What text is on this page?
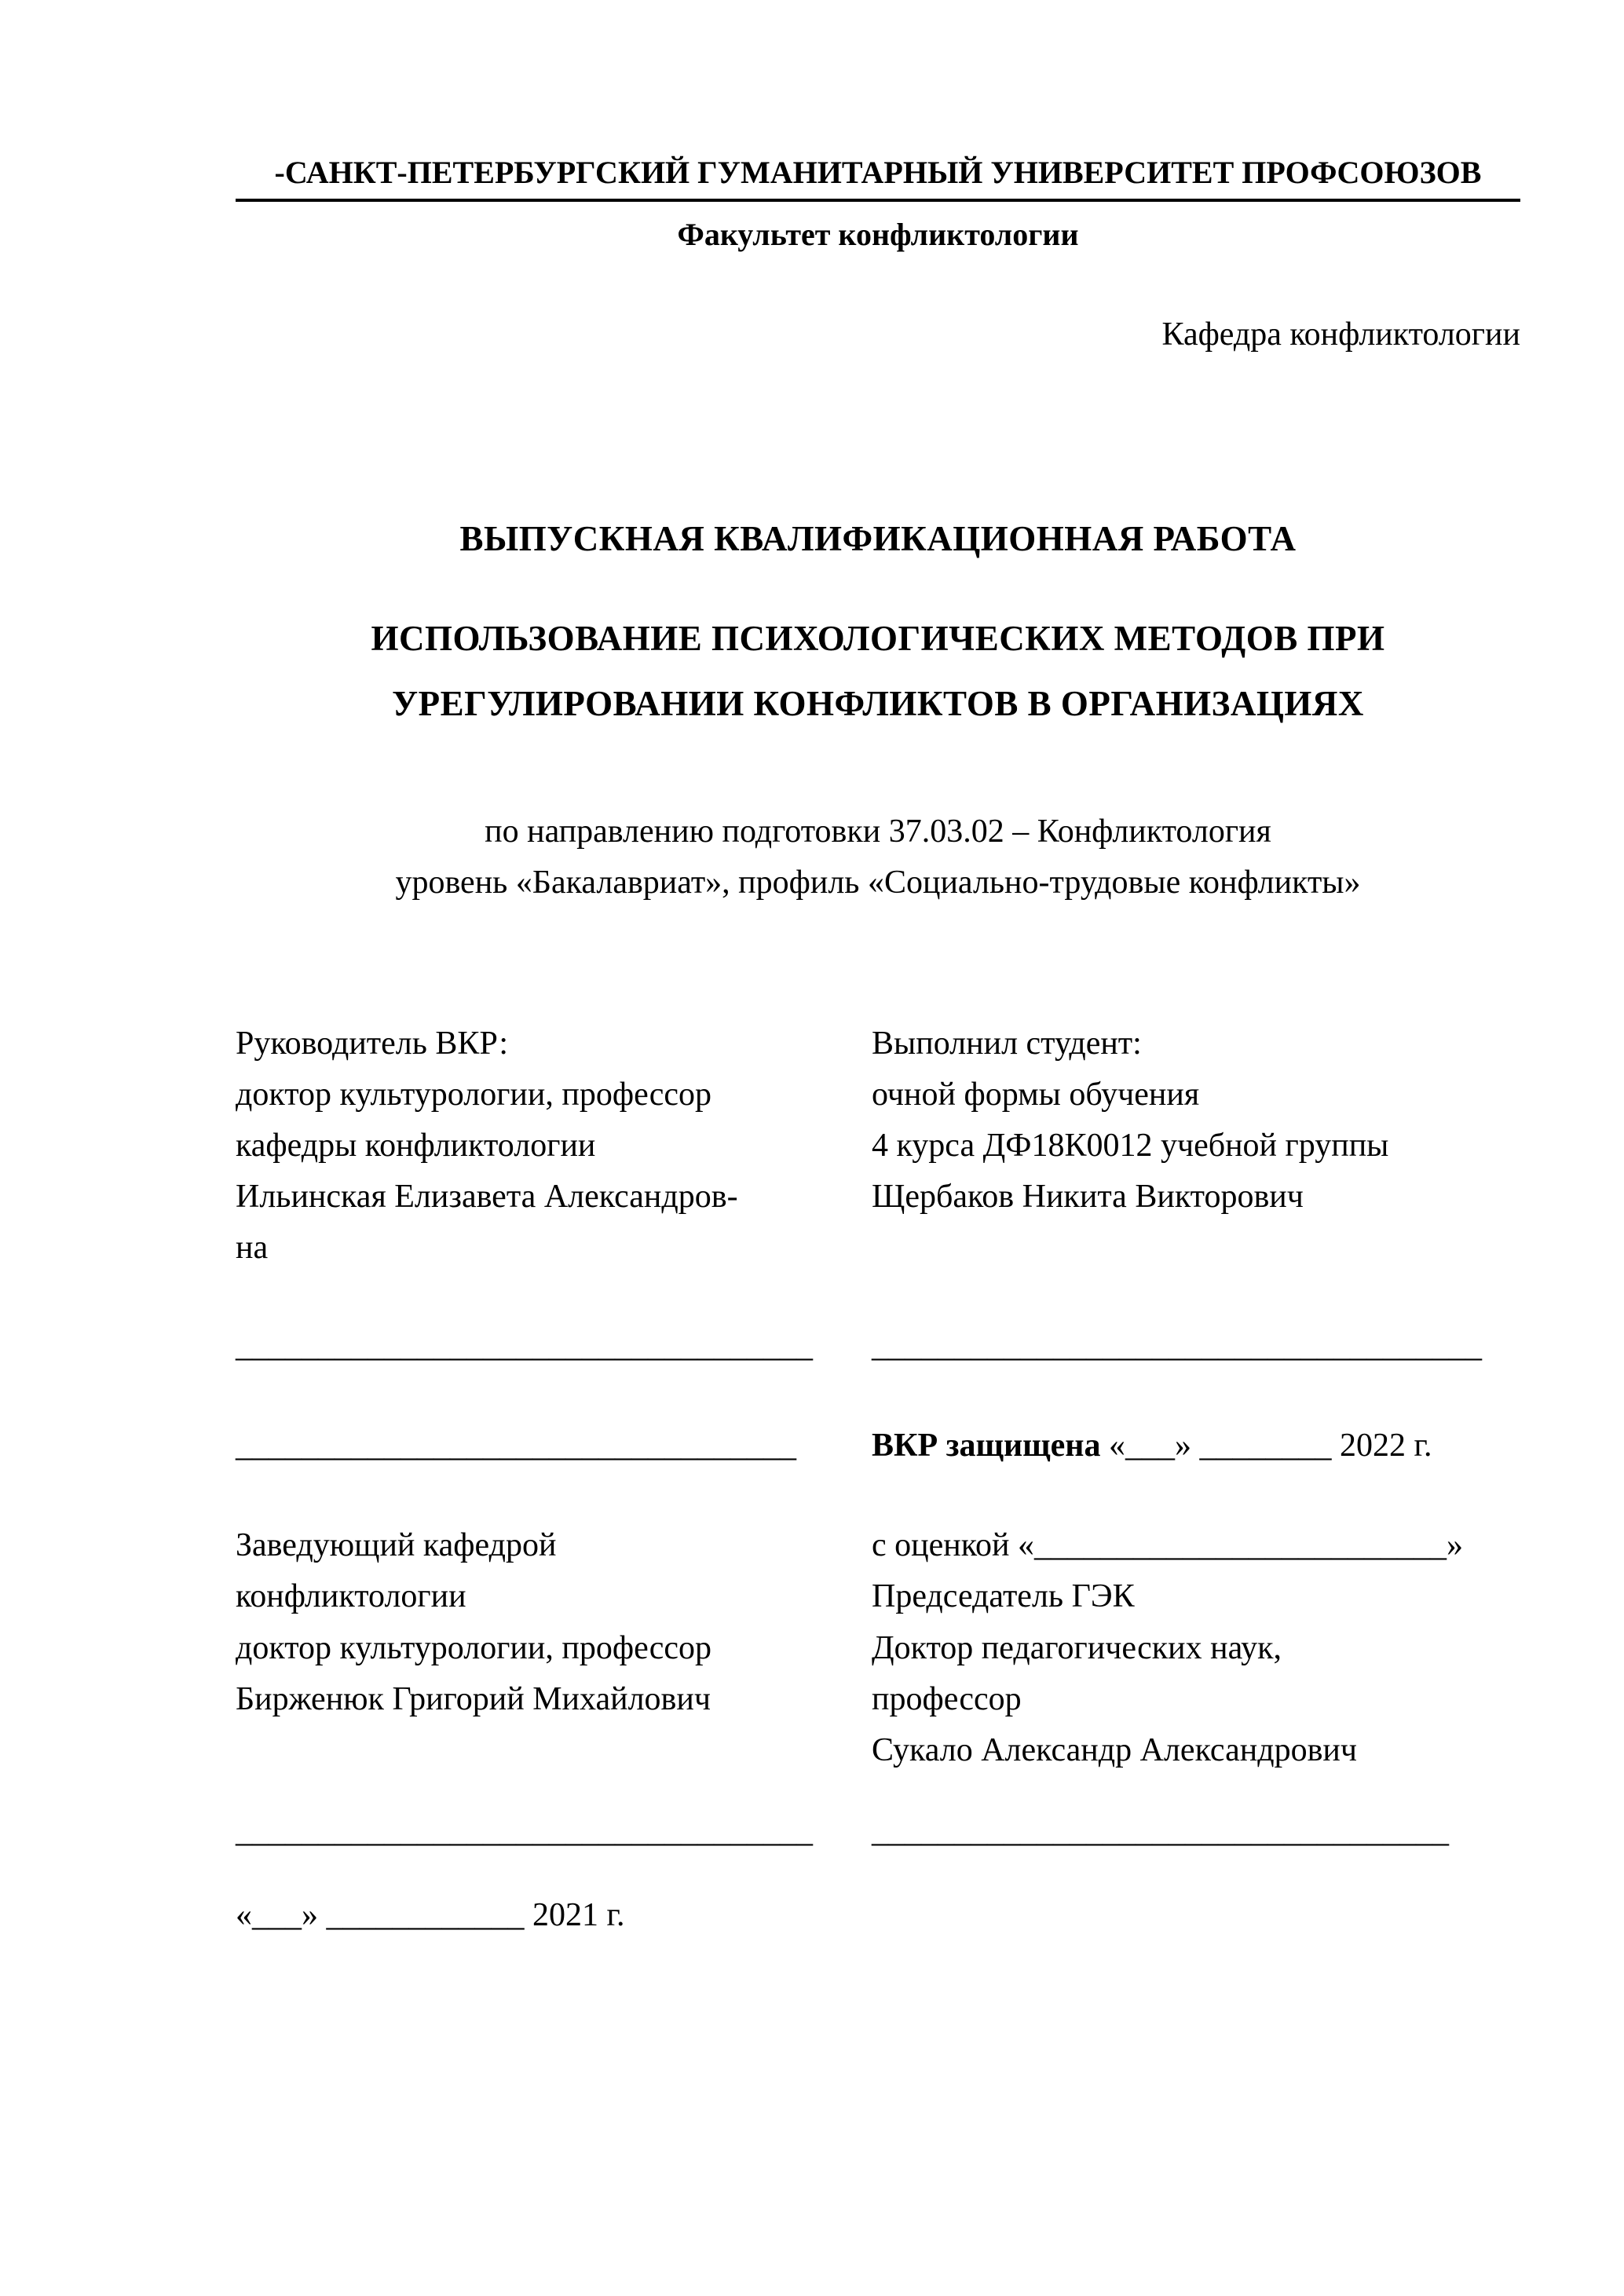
-САНКТ-ПЕТЕРБУРГСКИЙ ГУМАНИТАРНЫЙ УНИВЕРСИТЕТ ПРОФСОЮЗОВ
Факультет конфликтологии
Кафедра конфликтологии
ВЫПУСКНАЯ КВАЛИФИКАЦИОННАЯ РАБОТА
ИСПОЛЬЗОВАНИЕ ПСИХОЛОГИЧЕСКИХ МЕТОДОВ ПРИ
УРЕГУЛИРОВАНИИ КОНФЛИКТОВ В ОРГАНИЗАЦИЯХ
по направлению подготовки 37.03.02 – Конфликтология
уровень «Бакалавриат», профиль «Социально-трудовые конфликты»
Руководитель ВКР:
доктор культурологии, профессор
кафедры конфликтологии
Ильинская Елизавета Александров-
на
Выполнил студент:
очной формы обучения
4 курса ДФ18К0012 учебной группы
Щербаков Никита Викторович
___________________________________	_____________________________________
__________________________________	ВКР защищена «___» ________ 2022 г.
Заведующий кафедрой
конфликтологии
доктор культурологии, профессор
Бирженюк Григорий Михайлович
с оценкой «_________________________»
Председатель ГЭК
Доктор педагогических наук,
профессор
Сукало Александр Александрович
___________________________________	___________________________________
«___» ____________ 2021 г.
